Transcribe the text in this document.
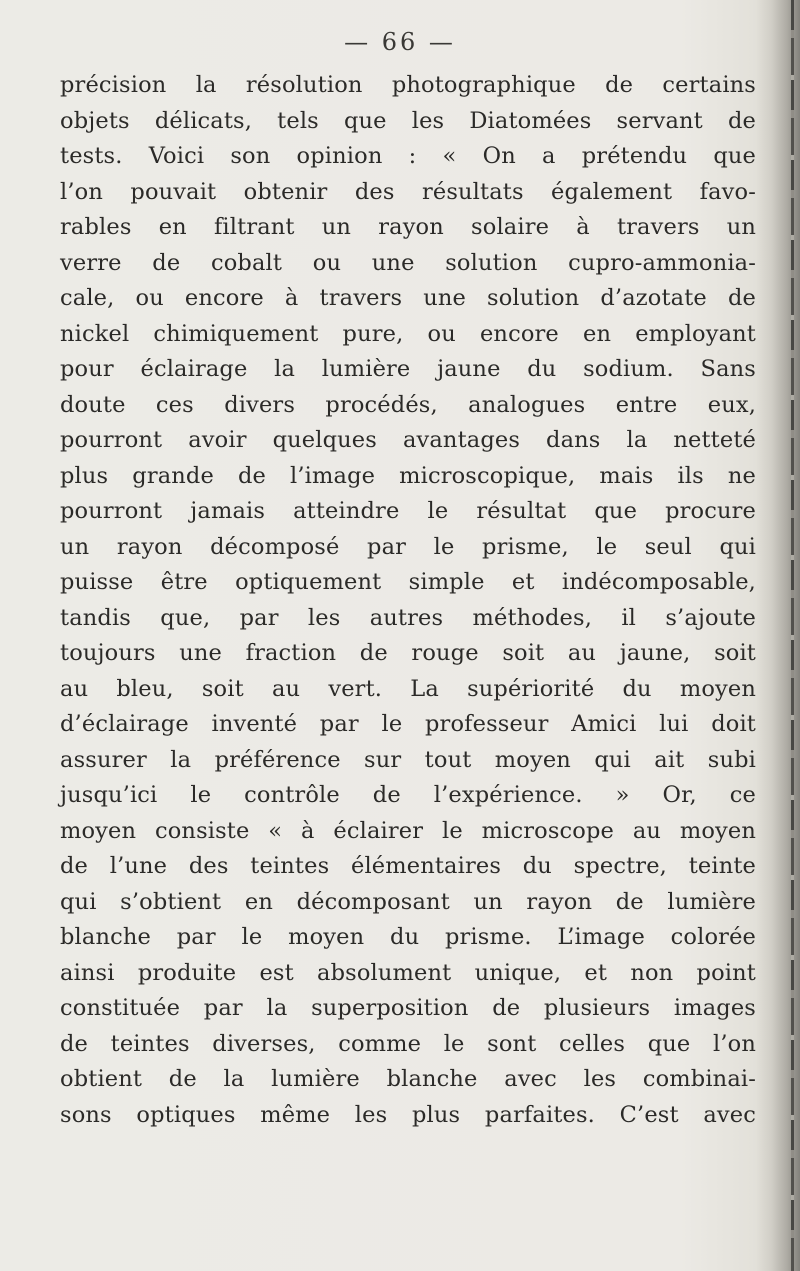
— 66 —
précision la résolution photographique de certains
objets délicats, tels que les Diatomées servant de
tests. Voici son opinion : « On a prétendu que
l’on pouvait obtenir des résultats également favo-
rables en filtrant un rayon solaire à travers un
verre de cobalt ou une solution cupro-ammonia-
cale, ou encore à travers une solution d’azotate de
nickel chimiquement pure, ou encore en employant
pour éclairage la lumière jaune du sodium. Sans
doute ces divers procédés, analogues entre eux,
pourront avoir quelques avantages dans la netteté
plus grande de l’image microscopique, mais ils ne
pourront jamais atteindre le résultat que procure
un rayon décomposé par le prisme, le seul qui
puisse être optiquement simple et indécomposable,
tandis que, par les autres méthodes, il s’ajoute
toujours une fraction de rouge soit au jaune, soit
au bleu, soit au vert. La supériorité du moyen
d’éclairage inventé par le professeur Amici lui doit
assurer la préférence sur tout moyen qui ait subi
jusqu’ici le contrôle de l’expérience. » Or, ce
moyen consiste « à éclairer le microscope au moyen
de l’une des teintes élémentaires du spectre, teinte
qui s’obtient en décomposant un rayon de lumière
blanche par le moyen du prisme. L’image colorée
ainsi produite est absolument unique, et non point
constituée par la superposition de plusieurs images
de teintes diverses, comme le sont celles que l’on
obtient de la lumière blanche avec les combinai-
sons optiques même les plus parfaites. C’est avec
